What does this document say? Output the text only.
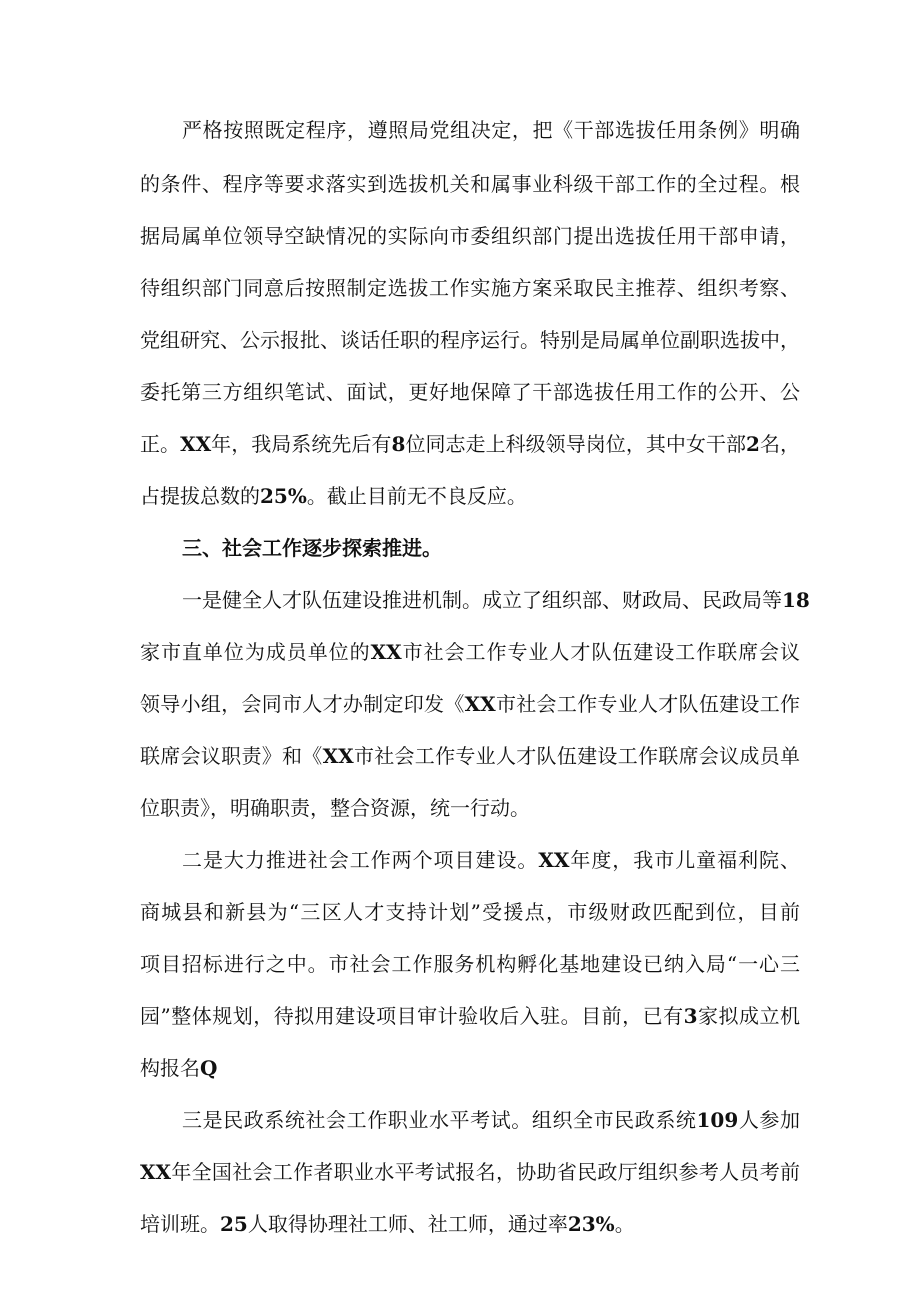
严格按照既定程序，遵照局党组决定，把《干部选拔任用条例》明确
的条件、程序等要求落实到选拔机关和属事业科级干部工作的全过程。根
据局属单位领导空缺情况的实际向市委组织部门提出选拔任用干部申请，
待组织部门同意后按照制定选拔工作实施方案采取民主推荐、组织考察、
党组研究、公示报批、谈话任职的程序运行。特别是局属单位副职选拔中，
委托第三方组织笔试、面试，更好地保障了干部选拔任用工作的公开、公
正。XX年，我局系统先后有8位同志走上科级领导岗位，其中女干部2名，
占提拔总数的25%。截止目前无不良反应。
三、社会工作逐步探索推进。
一是健全人才队伍建设推进机制。成立了组织部、财政局、民政局等18
家市直单位为成员单位的XX市社会工作专业人才队伍建设工作联席会议
领导小组，会同市人才办制定印发《XX市社会工作专业人才队伍建设工作
联席会议职责》和《XX市社会工作专业人才队伍建设工作联席会议成员单
位职责》，明确职责，整合资源，统一行动。
二是大力推进社会工作两个项目建设。XX年度，我市儿童福利院、
商城县和新县为“三区人才支持计划”受援点，市级财政匹配到位，目前
项目招标进行之中。市社会工作服务机构孵化基地建设已纳入局“一心三
园”整体规划，待拟用建设项目审计验收后入驻。目前，已有3家拟成立机
构报名Q
三是民政系统社会工作职业水平考试。组织全市民政系统109人参加
XX年全国社会工作者职业水平考试报名，协助省民政厅组织参考人员考前
培训班。25人取得协理社工师、社工师，通过率23%。
